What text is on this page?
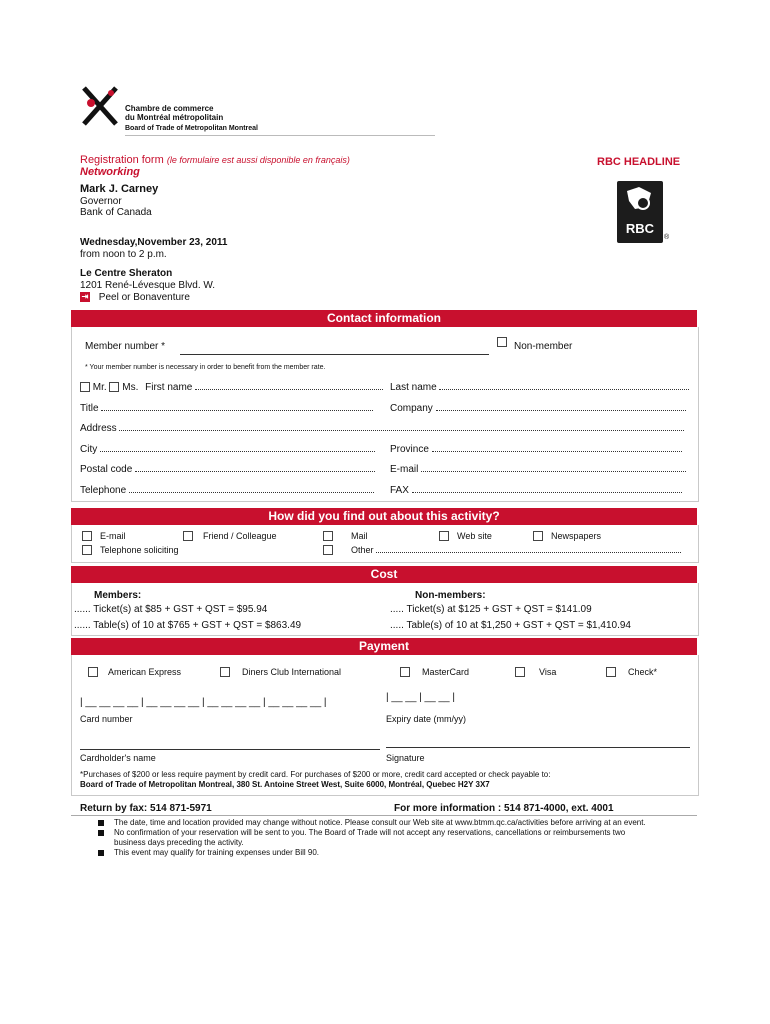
Chambre de commerce
du Montréal métropolitain
Board of Trade of Metropolitan Montreal
Registration form (le formulaire est aussi disponible en français)
Networking
RBC HEADLINE
RBC
®
Mark J. Carney
Governor
Bank of Canada
Wednesday,November 23, 2011
from noon to 2 p.m.
Le Centre Sheraton
1201 René-Lévesque Blvd. W.
⇥ Peel or Bonaventure
Contact information
Member number *	Non-member
* Your member number is necessary in order to benefit from the member rate.
Mr. Ms. First name	Last name
Title	Company
Address
City	Province
Postal code	E-mail
Telephone	FAX
How did you find out about this activity?
E-mail	Friend / Colleague	Mail	Web site	Newspapers
Telephone soliciting	Other
Cost
Members:	Non-members:
...... Ticket(s) at $85 + GST + QST = $95.94
...... Table(s) of 10 at $765 + GST + QST = $863.49
..... Ticket(s) at $125 + GST + QST = $141.09
..... Table(s) of 10 at $1,250 + GST + QST = $1,410.94
Payment
American Express	Diners Club International	MasterCard	Visa	Check*
| __ __ __ __ | __ __ __ __ | __ __ __ __ | __ __ __ __ |	| __ __ | __ __ |
Card number	Expiry date (mm/yy)
Cardholder's name	Signature
*Purchases of $200 or less require payment by credit card. For purchases of $200 or more, credit card accepted or check payable to:
Board of Trade of Metropolitan Montreal, 380 St. Antoine Street West, Suite 6000, Montréal, Quebec H2Y 3X7
Return by fax: 514 871-5971	For more information : 514 871-4000, ext. 4001
The date, time and location provided may change without notice. Please consult our Web site at www.btmm.qc.ca/activities before arriving at an event.
No confirmation of your reservation will be sent to you. The Board of Trade will not accept any reservations, cancellations or reimbursements two business days preceding the activity.
This event may qualify for training expenses under Bill 90.
